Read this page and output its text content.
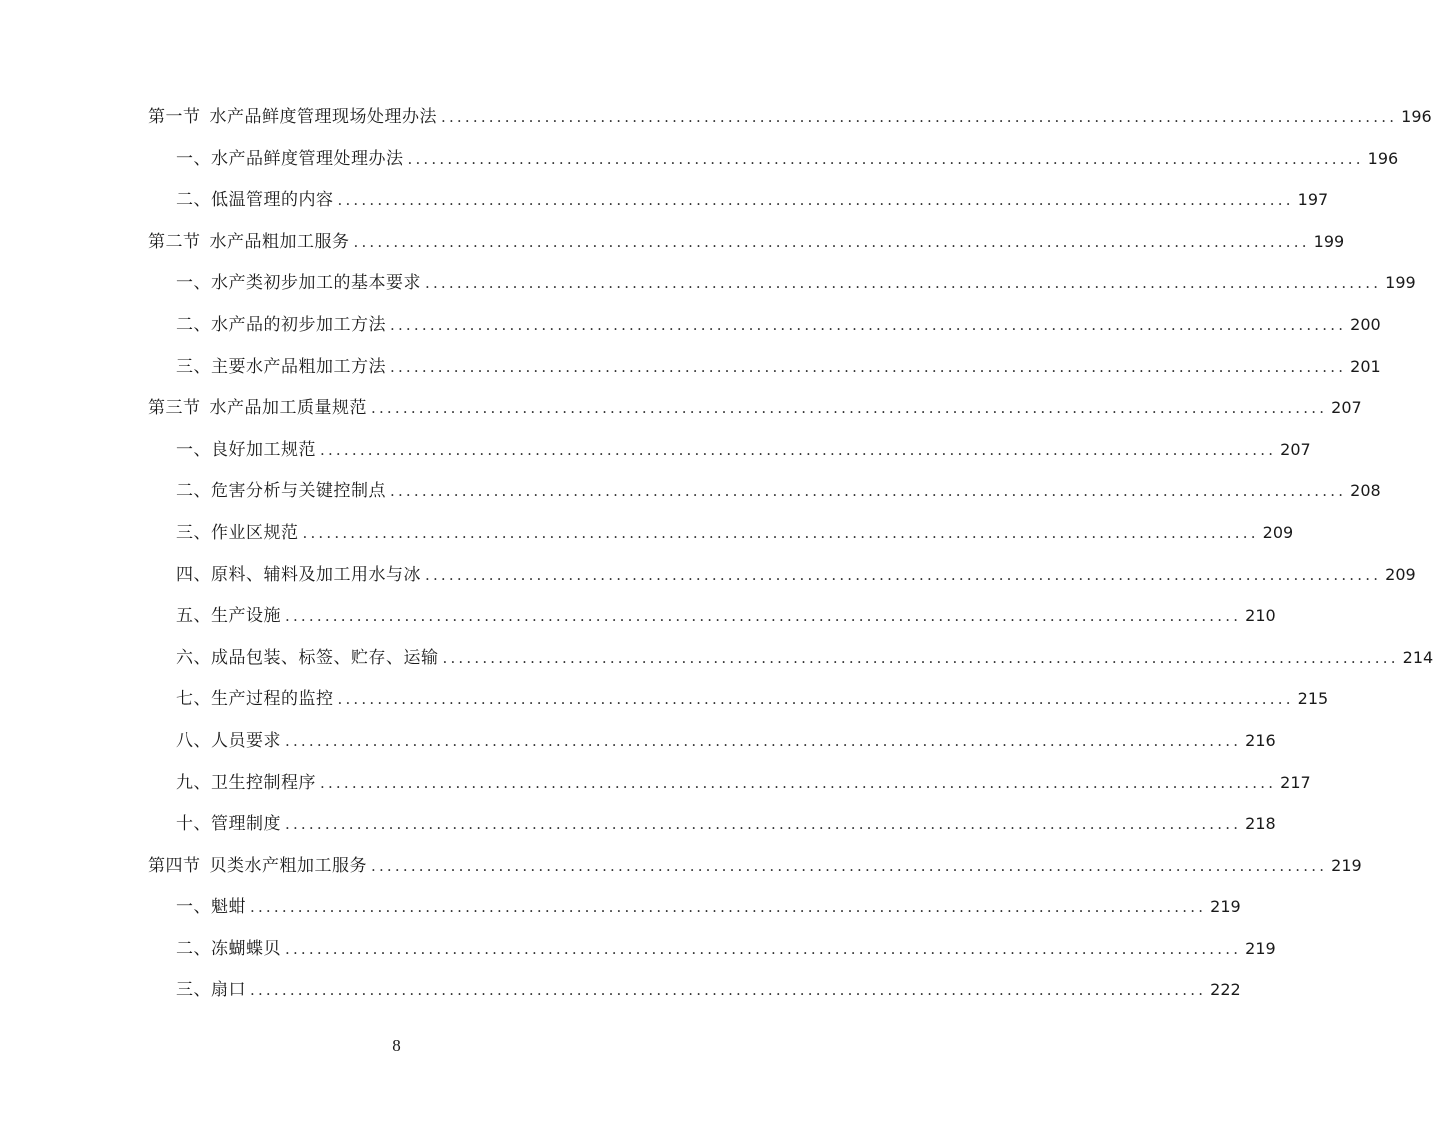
第一节 水产品鲜度管理现场处理办法 ........................................................................................................................ 196
一、水产品鲜度管理处理办法 ........................................................................................................................ 196
二、低温管理的内容 ........................................................................................................................ 197
第二节 水产品粗加工服务 ........................................................................................................................ 199
一、水产类初步加工的基本要求 ........................................................................................................................ 199
二、水产品的初步加工方法 ........................................................................................................................ 200
三、主要水产品粗加工方法 ........................................................................................................................ 201
第三节 水产品加工质量规范 ........................................................................................................................ 207
一、良好加工规范 ........................................................................................................................ 207
二、危害分析与关键控制点 ........................................................................................................................ 208
三、作业区规范 ........................................................................................................................ 209
四、原料、辅料及加工用水与冰 ........................................................................................................................ 209
五、生产设施 ........................................................................................................................ 210
六、成品包装、标签、贮存、运输 ........................................................................................................................ 214
七、生产过程的监控 ........................................................................................................................ 215
八、人员要求 ........................................................................................................................ 216
九、卫生控制程序 ........................................................................................................................ 217
十、管理制度 ........................................................................................................................ 218
第四节 贝类水产粗加工服务 ........................................................................................................................ 219
一、魁蚶 ........................................................................................................................ 219
二、冻蝴蝶贝 ........................................................................................................................ 219
三、扇口 ........................................................................................................................ 222
8
